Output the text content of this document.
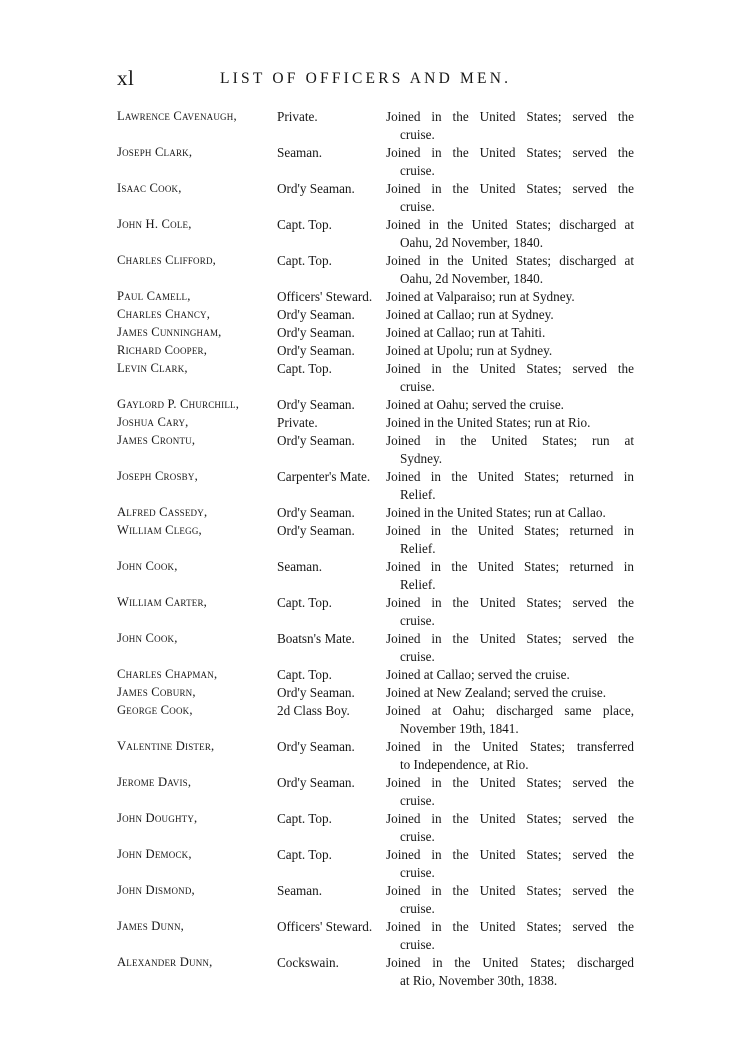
xl	LIST OF OFFICERS AND MEN.
Lawrence Cavenaugh,	Private.	Joined in the United States; served the
cruise.
Joseph Clark,	Seaman.	Joined in the United States; served the
cruise.
Isaac Cook,	Ord'y Seaman.	Joined in the United States; served the
cruise.
John H. Cole,	Capt. Top.	Joined in the United States; discharged at
Oahu, 2d November, 1840.
Charles Clifford,	Capt. Top.	Joined in the United States; discharged at
Oahu, 2d November, 1840.
Paul Camell,	Officers' Steward.	Joined at Valparaiso; run at Sydney.
Charles Chancy,	Ord'y Seaman.	Joined at Callao; run at Sydney.
James Cunningham,	Ord'y Seaman.	Joined at Callao; run at Tahiti.
Richard Cooper,	Ord'y Seaman.	Joined at Upolu; run at Sydney.
Levin Clark,	Capt. Top.	Joined in the United States; served the
cruise.
Gaylord P. Churchill,	Ord'y Seaman.	Joined at Oahu; served the cruise.
Joshua Cary,	Private.	Joined in the United States; run at Rio.
James Crontu,	Ord'y Seaman.	Joined in the United States; run at
Sydney.
Joseph Crosby,	Carpenter's Mate.	Joined in the United States; returned in
Relief.
Alfred Cassedy,	Ord'y Seaman.	Joined in the United States; run at Callao.
William Clegg,	Ord'y Seaman.	Joined in the United States; returned in
Relief.
John Cook,	Seaman.	Joined in the United States; returned in
Relief.
William Carter,	Capt. Top.	Joined in the United States; served the
cruise.
John Cook,	Boatsn's Mate.	Joined in the United States; served the
cruise.
Charles Chapman,	Capt. Top.	Joined at Callao; served the cruise.
James Coburn,	Ord'y Seaman.	Joined at New Zealand; served the cruise.
George Cook,	2d Class Boy.	Joined at Oahu; discharged same place,
November 19th, 1841.
Valentine Dister,	Ord'y Seaman.	Joined in the United States; transferred
to Independence, at Rio.
Jerome Davis,	Ord'y Seaman.	Joined in the United States; served the
cruise.
John Doughty,	Capt. Top.	Joined in the United States; served the
cruise.
John Demock,	Capt. Top.	Joined in the United States; served the
cruise.
John Dismond,	Seaman.	Joined in the United States; served the
cruise.
James Dunn,	Officers' Steward.	Joined in the United States; served the
cruise.
Alexander Dunn,	Cockswain.	Joined in the United States; discharged
at Rio, November 30th, 1838.
